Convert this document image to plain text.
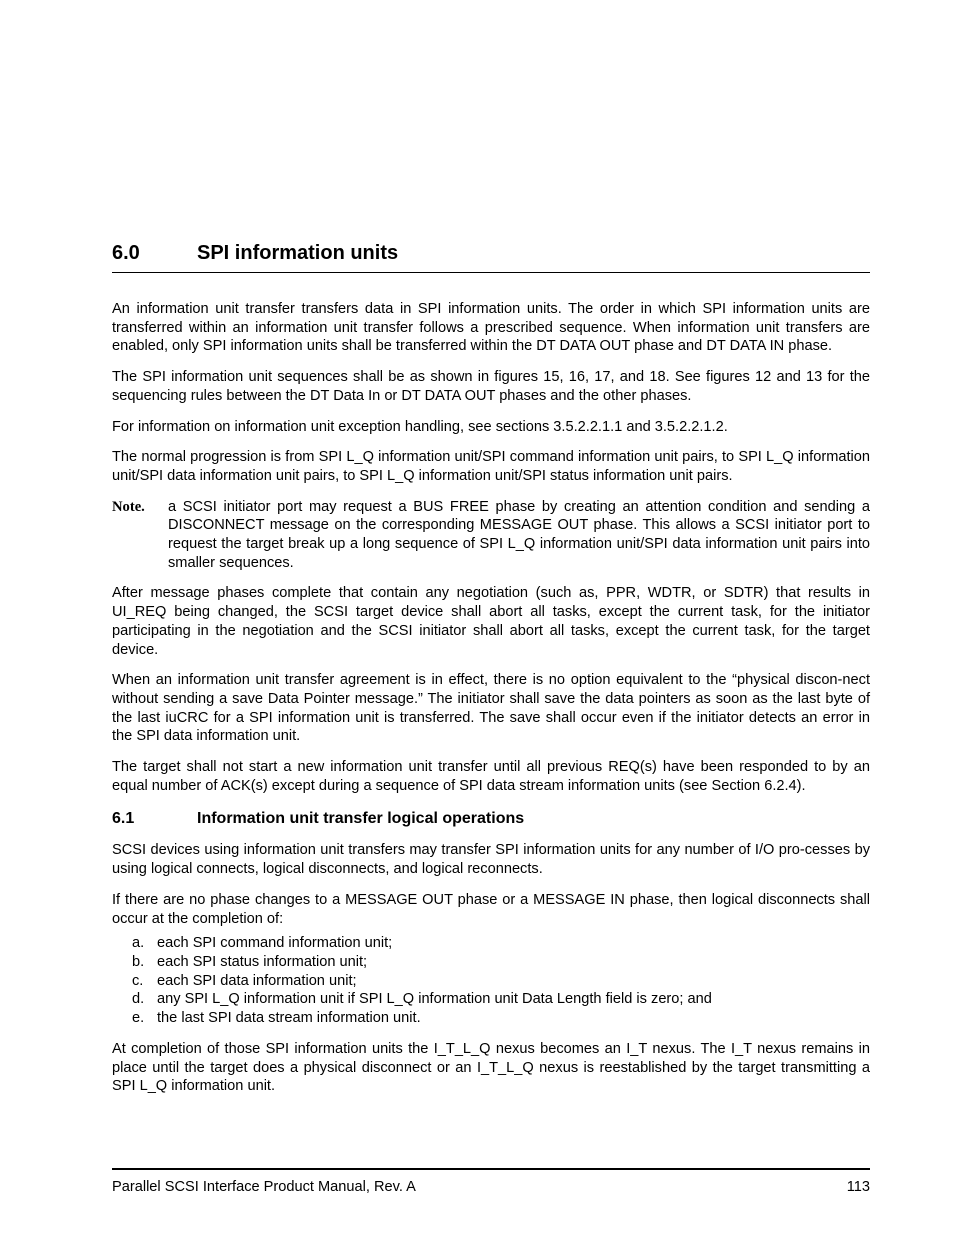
6.0	SPI information units

An information unit transfer transfers data in SPI information units. The order in which SPI information units are transferred within an information unit transfer follows a prescribed sequence. When information unit transfers are enabled, only SPI information units shall be transferred within the DT DATA OUT phase and DT DATA IN phase.

The SPI information unit sequences shall be as shown in figures 15, 16, 17, and 18. See figures 12 and 13 for the sequencing rules between the DT Data In or DT DATA OUT phases and the other phases.

For information on information unit exception handling, see sections 3.5.2.2.1.1 and 3.5.2.2.1.2.

The normal progression is from SPI L_Q information unit/SPI command information unit pairs, to SPI L_Q information unit/SPI data information unit pairs, to SPI L_Q information unit/SPI status information unit pairs.

Note.	a SCSI initiator port may request a BUS FREE phase by creating an attention condition and sending a DISCONNECT message on the corresponding MESSAGE OUT phase. This allows a SCSI initiator port to request the target break up a long sequence of SPI L_Q information unit/SPI data information unit pairs into smaller sequences.

After message phases complete that contain any negotiation (such as, PPR, WDTR, or SDTR) that results in UI_REQ being changed, the SCSI target device shall abort all tasks, except the current task, for the initiator participating in the negotiation and the SCSI initiator shall abort all tasks, except the current task, for the target device.

When an information unit transfer agreement is in effect, there is no option equivalent to the “physical discon-nect without sending a save Data Pointer message.” The initiator shall save the data pointers as soon as the last byte of the last iuCRC for a SPI information unit is transferred. The save shall occur even if the initiator detects an error in the SPI data information unit.

The target shall not start a new information unit transfer until all previous REQ(s) have been responded to by an equal number of ACK(s) except during a sequence of SPI data stream information units (see Section 6.2.4).

6.1	Information unit transfer logical operations

SCSI devices using information unit transfers may transfer SPI information units for any number of I/O pro-cesses by using logical connects, logical disconnects, and logical reconnects.

If there are no phase changes to a MESSAGE OUT phase or a MESSAGE IN phase, then logical disconnects shall occur at the completion of:

a. each SPI command information unit;
b. each SPI status information unit;
c. each SPI data information unit;
d. any SPI L_Q information unit if SPI L_Q information unit Data Length field is zero; and
e. the last SPI data stream information unit.

At completion of those SPI information units the I_T_L_Q nexus becomes an I_T nexus. The I_T nexus remains in place until the target does a physical disconnect or an I_T_L_Q nexus is reestablished by the target transmitting a SPI L_Q information unit.

Parallel SCSI Interface Product Manual, Rev. A	113
